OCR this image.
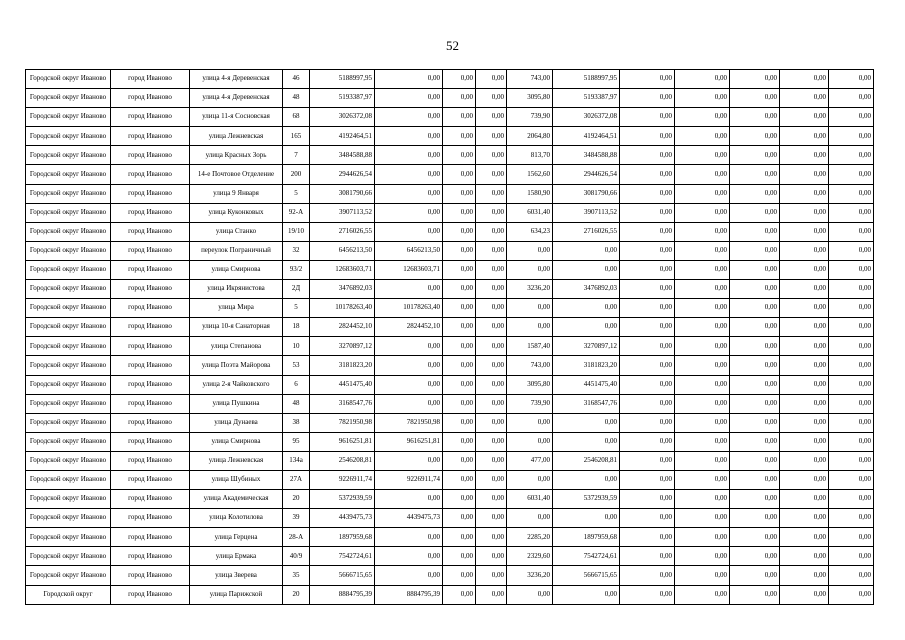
52
Городской округ Иваново	город Иваново	улица 4-я Деревенская	46	5188997,95	0,00	0,00	0,00	743,00	5188997,95	0,00	0,00	0,00	0,00	0,00
Городской округ Иваново	город Иваново	улица 4-я Деревенская	48	5193387,97	0,00	0,00	0,00	3095,80	5193387,97	0,00	0,00	0,00	0,00	0,00
Городской округ Иваново	город Иваново	улица 11-я Сосновская	68	3026372,08	0,00	0,00	0,00	739,90	3026372,08	0,00	0,00	0,00	0,00	0,00
Городской округ Иваново	город Иваново	улица Лежневская	165	4192464,51	0,00	0,00	0,00	2064,80	4192464,51	0,00	0,00	0,00	0,00	0,00
Городской округ Иваново	город Иваново	улица Красных Зорь	7	3484588,88	0,00	0,00	0,00	813,70	3484588,88	0,00	0,00	0,00	0,00	0,00
Городской округ Иваново	город Иваново	14-е Почтовое Отделение	200	2944626,54	0,00	0,00	0,00	1562,60	2944626,54	0,00	0,00	0,00	0,00	0,00
Городской округ Иваново	город Иваново	улица 9 Января	5	3081790,66	0,00	0,00	0,00	1580,90	3081790,66	0,00	0,00	0,00	0,00	0,00
Городской округ Иваново	город Иваново	улица Куконковых	92-А	3907113,52	0,00	0,00	0,00	6031,40	3907113,52	0,00	0,00	0,00	0,00	0,00
Городской округ Иваново	город Иваново	улица Станко	19/10	2716026,55	0,00	0,00	0,00	634,23	2716026,55	0,00	0,00	0,00	0,00	0,00
Городской округ Иваново	город Иваново	переулок Пограничный	32	6456213,50	6456213,50	0,00	0,00	0,00	0,00	0,00	0,00	0,00	0,00	0,00
Городской округ Иваново	город Иваново	улица Смирнова	93/2	12683603,71	12683603,71	0,00	0,00	0,00	0,00	0,00	0,00	0,00	0,00	0,00
Городской округ Иваново	город Иваново	улица Икрянистова	2Д	3476892,03	0,00	0,00	0,00	3236,20	3476892,03	0,00	0,00	0,00	0,00	0,00
Городской округ Иваново	город Иваново	улица Мира	5	10178263,40	10178263,40	0,00	0,00	0,00	0,00	0,00	0,00	0,00	0,00	0,00
Городской округ Иваново	город Иваново	улица 10-я Санаторная	18	2824452,10	2824452,10	0,00	0,00	0,00	0,00	0,00	0,00	0,00	0,00	0,00
Городской округ Иваново	город Иваново	улица Степанова	10	3270897,12	0,00	0,00	0,00	1587,40	3270897,12	0,00	0,00	0,00	0,00	0,00
Городской округ Иваново	город Иваново	улица Поэта Майорова	53	3181823,20	0,00	0,00	0,00	743,00	3181823,20	0,00	0,00	0,00	0,00	0,00
Городской округ Иваново	город Иваново	улица 2-я Чайковского	6	4451475,40	0,00	0,00	0,00	3095,80	4451475,40	0,00	0,00	0,00	0,00	0,00
Городской округ Иваново	город Иваново	улица Пушкина	48	3168547,76	0,00	0,00	0,00	739,90	3168547,76	0,00	0,00	0,00	0,00	0,00
Городской округ Иваново	город Иваново	улица Дунаева	38	7821950,98	7821950,98	0,00	0,00	0,00	0,00	0,00	0,00	0,00	0,00	0,00
Городской округ Иваново	город Иваново	улица Смирнова	95	9616251,81	9616251,81	0,00	0,00	0,00	0,00	0,00	0,00	0,00	0,00	0,00
Городской округ Иваново	город Иваново	улица Лежневская	134а	2546208,81	0,00	0,00	0,00	477,00	2546208,81	0,00	0,00	0,00	0,00	0,00
Городской округ Иваново	город Иваново	улица Шубиных	27А	9226911,74	9226911,74	0,00	0,00	0,00	0,00	0,00	0,00	0,00	0,00	0,00
Городской округ Иваново	город Иваново	улица Академическая	20	5372939,59	0,00	0,00	0,00	6031,40	5372939,59	0,00	0,00	0,00	0,00	0,00
Городской округ Иваново	город Иваново	улица Колотилова	39	4439475,73	4439475,73	0,00	0,00	0,00	0,00	0,00	0,00	0,00	0,00	0,00
Городской округ Иваново	город Иваново	улица Герцена	28-А	1897959,68	0,00	0,00	0,00	2285,20	1897959,68	0,00	0,00	0,00	0,00	0,00
Городской округ Иваново	город Иваново	улица Ермака	40/9	7542724,61	0,00	0,00	0,00	2329,60	7542724,61	0,00	0,00	0,00	0,00	0,00
Городской округ Иваново	город Иваново	улица Зверева	35	5666715,65	0,00	0,00	0,00	3236,20	5666715,65	0,00	0,00	0,00	0,00	0,00
Городской округ	город Иваново	улица Парижской	20	8884795,39	8884795,39	0,00	0,00	0,00	0,00	0,00	0,00	0,00	0,00	0,00
